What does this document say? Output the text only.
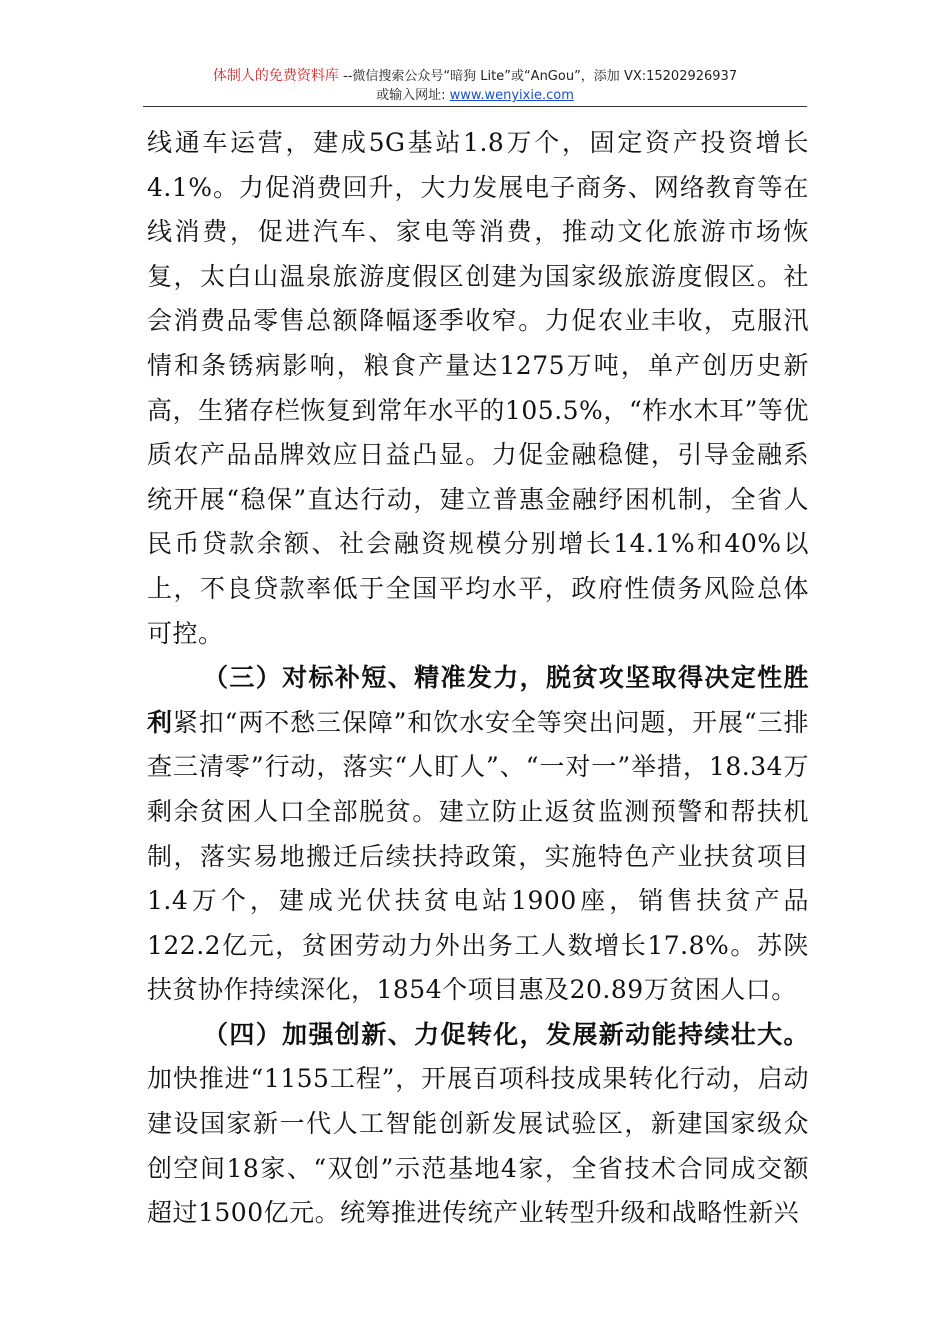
体制人的免费资料库 --微信搜索公众号“暗狗 Lite”或“AnGou”，添加 VX:15202926937
或输入网址: www.wenyixie.com

线通车运营，建成5G基站1.8万个，固定资产投资增长4.1%。力促消费回升，大力发展电子商务、网络教育等在线消费，促进汽车、家电等消费，推动文化旅游市场恢复，太白山温泉旅游度假区创建为国家级旅游度假区。社会消费品零售总额降幅逐季收窄。力促农业丰收，克服汛情和条锈病影响，粮食产量达1275万吨，单产创历史新高，生猪存栏恢复到常年水平的105.5%，“柞水木耳”等优质农产品品牌效应日益凸显。力促金融稳健，引导金融系统开展“稳保”直达行动，建立普惠金融纾困机制，全省人民币贷款余额、社会融资规模分别增长14.1%和40%以上，不良贷款率低于全国平均水平，政府性债务风险总体可控。

（三）对标补短、精准发力，脱贫攻坚取得决定性胜利紧扣“两不愁三保障”和饮水安全等突出问题，开展“三排查三清零”行动，落实“人盯人”、“一对一”举措，18.34万剩余贫困人口全部脱贫。建立防止返贫监测预警和帮扶机制，落实易地搬迁后续扶持政策，实施特色产业扶贫项目1.4万个，建成光伏扶贫电站1900座，销售扶贫产品122.2亿元，贫困劳动力外出务工人数增长17.8%。苏陕扶贫协作持续深化，1854个项目惠及20.89万贫困人口。

（四）加强创新、力促转化，发展新动能持续壮大。加快推进“1155工程”，开展百项科技成果转化行动，启动建设国家新一代人工智能创新发展试验区，新建国家级众创空间18家、“双创”示范基地4家，全省技术合同成交额超过1500亿元。统筹推进传统产业转型升级和战略性新兴
